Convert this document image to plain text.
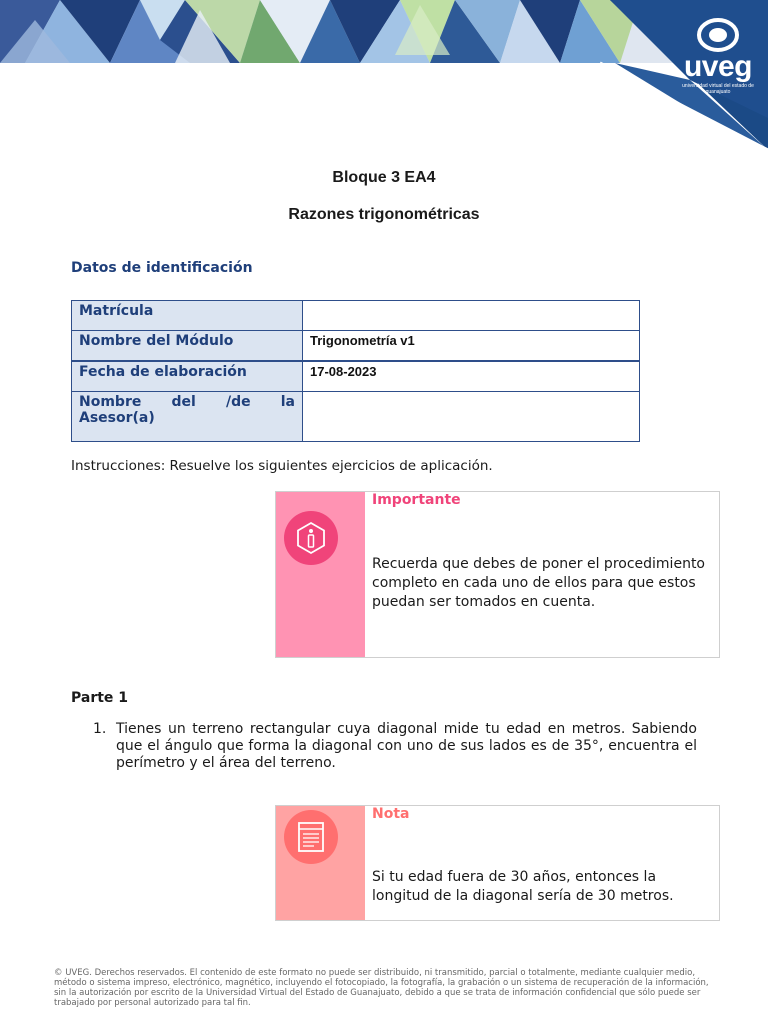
uveg
universidad virtual del estado de guanajuato
Bloque 3 EA4
Razones trigonométricas
Datos de identificación
Matrícula	
Nombre del Módulo	Trigonometría v1
Fecha de elaboración	17-08-2023

Nombre del /de la
Asesor(a)	

Instrucciones: Resuelve los siguientes ejercicios de aplicación.
Importante
Recuerda que debes de poner el procedimiento completo en cada uno de ellos para que estos puedan ser tomados en cuenta.
Parte 1
1. Tienes un terreno rectangular cuya diagonal mide tu edad en metros. Sabiendo que el ángulo que forma la diagonal con uno de sus lados es de 35°, encuentra el perímetro y el área del terreno.
Nota
Si tu edad fuera de 30 años, entonces la longitud de la diagonal sería de 30 metros.
© UVEG. Derechos reservados. El contenido de este formato no puede ser distribuido, ni transmitido, parcial o totalmente, mediante cualquier medio, método o sistema impreso, electrónico, magnético, incluyendo el fotocopiado, la fotografía, la grabación o un sistema de recuperación de la información, sin la autorización por escrito de la Universidad Virtual del Estado de Guanajuato, debido a que se trata de información confidencial que sólo puede ser trabajado por personal autorizado para tal fin.
